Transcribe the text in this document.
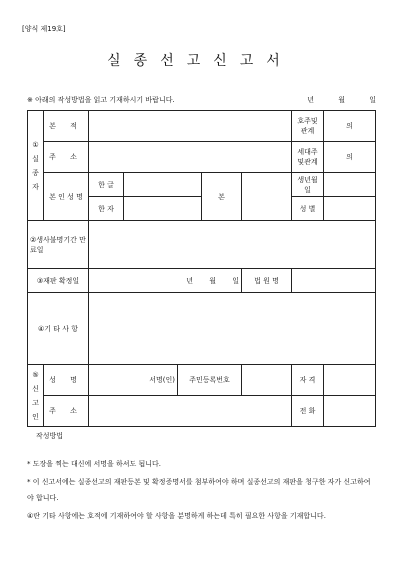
[양식 제19호]
실종선고신고서
※ 아래의 작성방법을 읽고 기재하시기 바랍니다.	년 월 일
①실종자	본 적						호주및 관계	의
	주 소						세대주및관계	의
	본 인 성 명	한 글			본		생년월일	
		한 자					성 별	
②생사불명기간 만료일								
③재판 확정일		년 월 일				법 원 명		
④기 타 사 항								
⑤신고인	성 명	서명(인)		주민등록번호			자 격	
	주 소						전 화	
작성방법
* 도장을 찍는 대신에 서명을 하셔도 됩니다.
* 이 신고서에는 실종선고의 재판등본 및 확정증명서를 첨부하여야 하며 실종선고의 재판을 청구한 자가 신고하여야 합니다.
④란 기타 사항에는 호적에 기재하여야 할 사항을 분명하게 하는데 특히 필요한 사항을 기재합니다.
